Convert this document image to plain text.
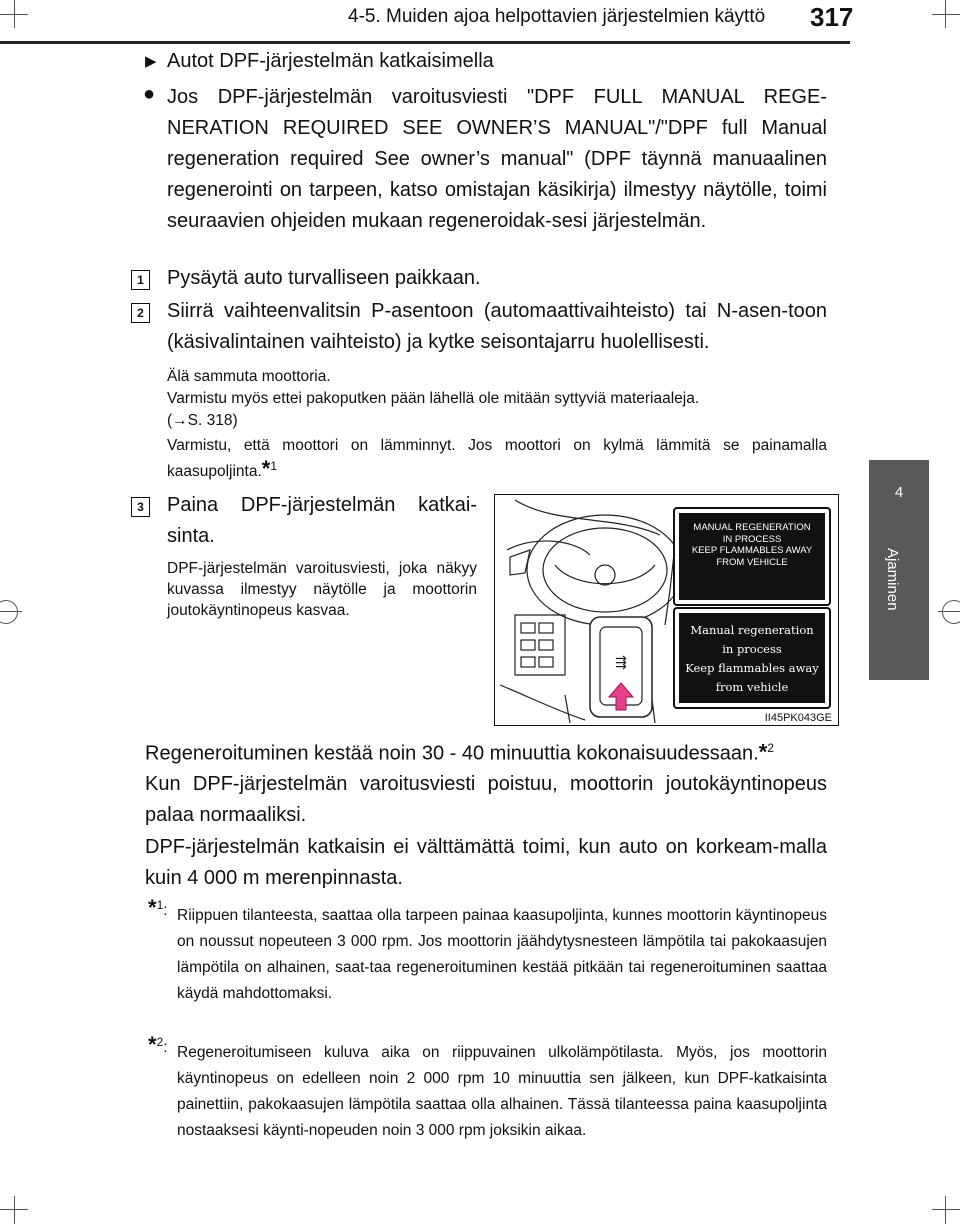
4-5. Muiden ajoa helpottavien järjestelmien käyttö 317
4
Ajaminen
▶ Autot DPF-järjestelmän katkaisimella
● Jos DPF-järjestelmän varoitusviesti "DPF FULL MANUAL REGE-NERATION REQUIRED SEE OWNER’S MANUAL"/"DPF full Manual regeneration required See owner’s manual" (DPF täynnä manuaalinen regenerointi on tarpeen, katso omistajan käsikirja) ilmestyy näytölle, toimi seuraavien ohjeiden mukaan regeneroidak-sesi järjestelmän.
1	Pysäytä auto turvalliseen paikkaan.
2	Siirrä vaihteenvalitsin P-asentoon (automaattivaihteisto) tai N-asen-toon (käsivalintainen vaihteisto) ja kytke seisontajarru huolellisesti.
Älä sammuta moottoria.
Varmistu myös ettei pakoputken pään lähellä ole mitään syttyviä materiaaleja.
(→S. 318)
Varmistu, että moottori on lämminnyt. Jos moottori on kylmä lämmitä se painamalla kaasupoljinta.*$^1$
3	Paina DPF-järjestelmän katkai-sinta.
DPF-järjestelmän varoitusviesti, joka näkyy kuvassa ilmestyy näytölle ja moottorin joutokäyntinopeus kasvaa.
⇶
MANUAL REGENERATION
IN PROCESS
KEEP FLAMMABLES AWAY
FROM VEHICLE
Manual regeneration
in process
Keep flammables away
from vehicle
II45PK043GE
Regeneroituminen kestää noin 30 - 40 minuuttia kokonaisuudessaan.*$^2$
Kun DPF-järjestelmän varoitusviesti poistuu, moottorin joutokäyntinopeus palaa normaaliksi.
DPF-järjestelmän katkaisin ei välttämättä toimi, kun auto on korkeam-malla kuin 4 000 m merenpinnasta.
*$^1$: Riippuen tilanteesta, saattaa olla tarpeen painaa kaasupoljinta, kunnes moottorin käyntinopeus on noussut nopeuteen 3 000 rpm. Jos moottorin jäähdytysnesteen lämpötila tai pakokaasujen lämpötila on alhainen, saat-taa regeneroituminen kestää pitkään tai regeneroituminen saattaa käydä mahdottomaksi.
*$^2$: Regeneroitumiseen kuluva aika on riippuvainen ulkolämpötilasta. Myös, jos moottorin käyntinopeus on edelleen noin 2 000 rpm 10 minuuttia sen jälkeen, kun DPF-katkaisinta painettiin, pakokaasujen lämpötila saattaa olla alhainen. Tässä tilanteessa paina kaasupoljinta nostaaksesi käynti-nopeuden noin 3 000 rpm joksikin aikaa.
